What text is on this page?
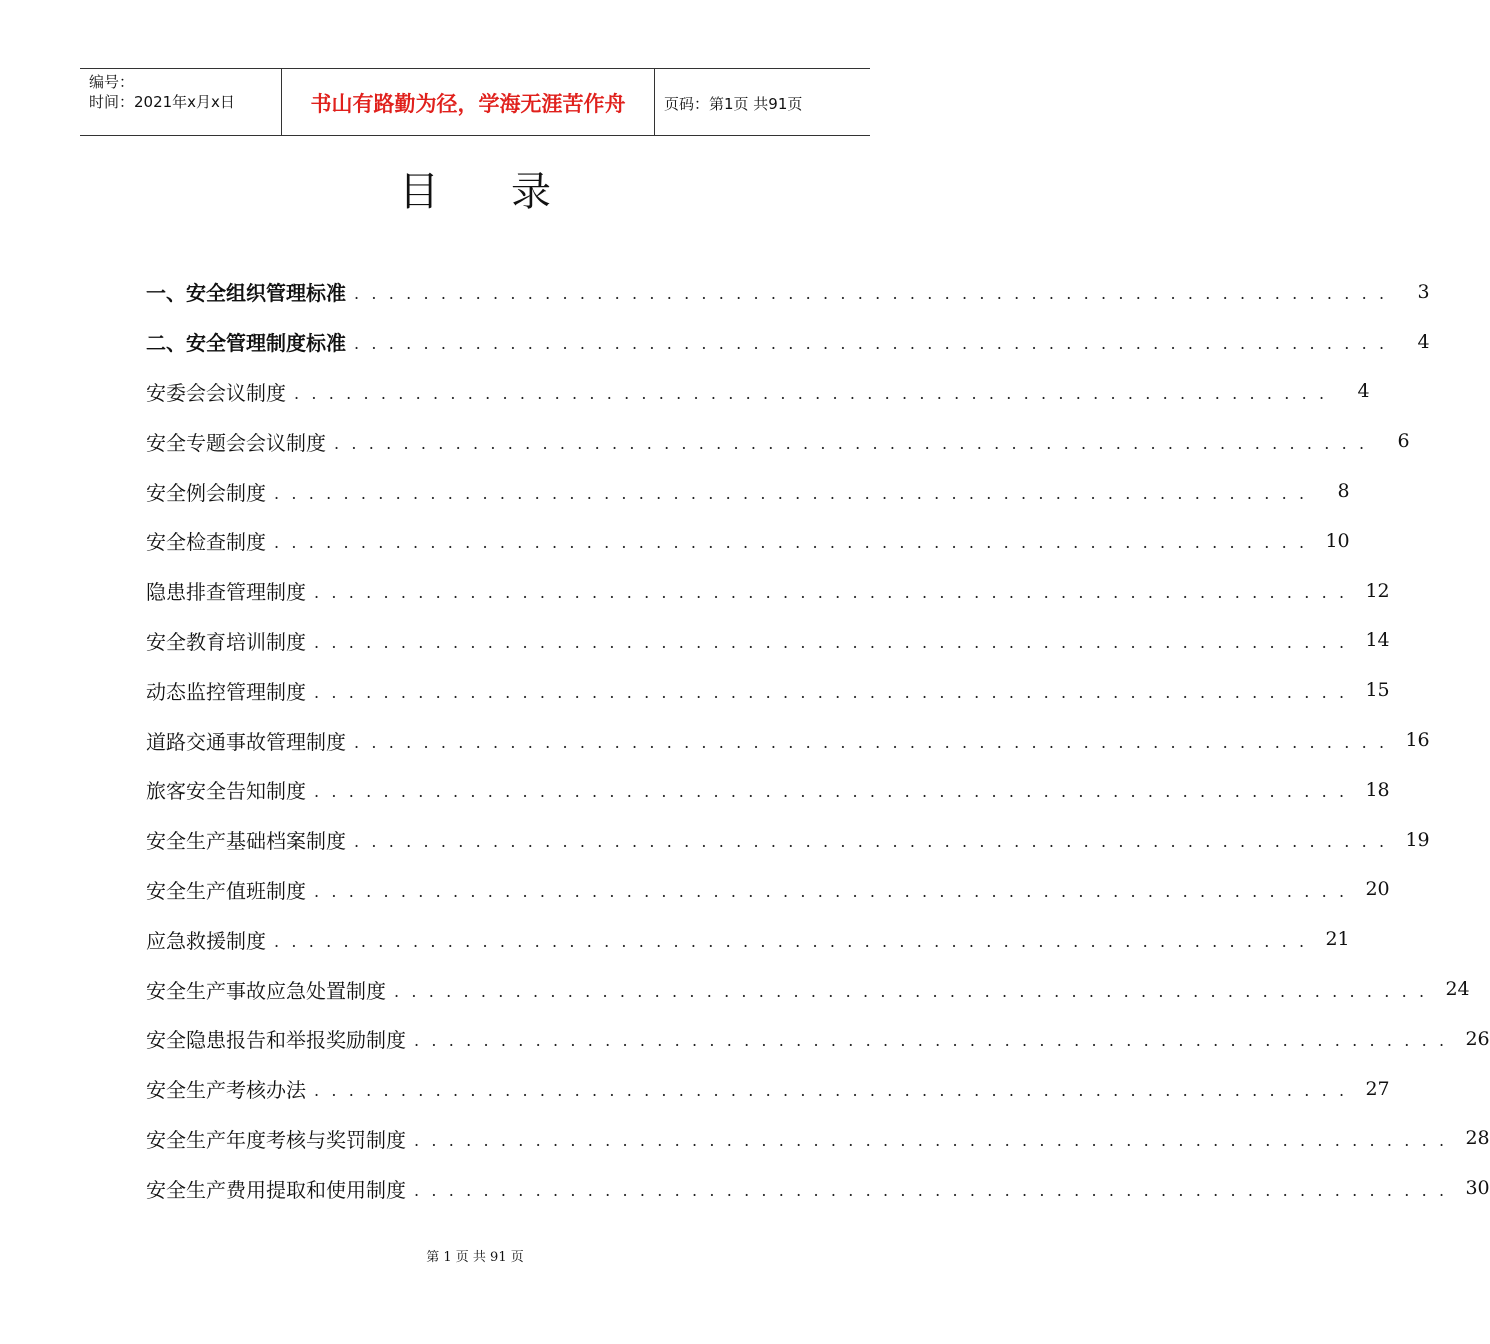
编号：
时间：2021年x月x日	书山有路勤为径，学海无涯苦作舟	页码：第1页 共91页
目录
一、 安全组织管理标准 . . . . . . . . . . . . . . . . . . . . . . . . . . . . . . . . . . . . . . . . . . . . . . . . . . . . . . . . . . . .	3
二、 安全管理制度标准 . . . . . . . . . . . . . . . . . . . . . . . . . . . . . . . . . . . . . . . . . . . . . . . . . . . . . . . . . . . .	4
安委会会议制度 . . . . . . . . . . . . . . . . . . . . . . . . . . . . . . . . . . . . . . . . . . . . . . . . . . . . . . . . . . . .	4
安全专题会会议制度 . . . . . . . . . . . . . . . . . . . . . . . . . . . . . . . . . . . . . . . . . . . . . . . . . . . . . . . . . . . .	6
安全例会制度 . . . . . . . . . . . . . . . . . . . . . . . . . . . . . . . . . . . . . . . . . . . . . . . . . . . . . . . . . . . .	8
安全检查制度 . . . . . . . . . . . . . . . . . . . . . . . . . . . . . . . . . . . . . . . . . . . . . . . . . . . . . . . . . . . . 10
隐患排查管理制度 . . . . . . . . . . . . . . . . . . . . . . . . . . . . . . . . . . . . . . . . . . . . . . . . . . . . . . . . . . . . 12
安全教育培训制度 . . . . . . . . . . . . . . . . . . . . . . . . . . . . . . . . . . . . . . . . . . . . . . . . . . . . . . . . . . . . 14
动态监控管理制度 . . . . . . . . . . . . . . . . . . . . . . . . . . . . . . . . . . . . . . . . . . . . . . . . . . . . . . . . . . . . 15
道路交通事故管理制度 . . . . . . . . . . . . . . . . . . . . . . . . . . . . . . . . . . . . . . . . . . . . . . . . . . . . . . . . . . . . 16
旅客安全告知制度 . . . . . . . . . . . . . . . . . . . . . . . . . . . . . . . . . . . . . . . . . . . . . . . . . . . . . . . . . . . . 18
安全生产基础档案制度 . . . . . . . . . . . . . . . . . . . . . . . . . . . . . . . . . . . . . . . . . . . . . . . . . . . . . . . . . . . . 19
安全生产值班制度 . . . . . . . . . . . . . . . . . . . . . . . . . . . . . . . . . . . . . . . . . . . . . . . . . . . . . . . . . . . . 20
应急救援制度 . . . . . . . . . . . . . . . . . . . . . . . . . . . . . . . . . . . . . . . . . . . . . . . . . . . . . . . . . . . . 21
安全生产事故应急处置制度 . . . . . . . . . . . . . . . . . . . . . . . . . . . . . . . . . . . . . . . . . . . . . . . . . . . . . . . . . . . . 24
安全隐患报告和举报奖励制度 . . . . . . . . . . . . . . . . . . . . . . . . . . . . . . . . . . . . . . . . . . . . . . . . . . . . . . . . . . . . 26
安全生产考核办法 . . . . . . . . . . . . . . . . . . . . . . . . . . . . . . . . . . . . . . . . . . . . . . . . . . . . . . . . . . . . 27
安全生产年度考核与奖罚制度 . . . . . . . . . . . . . . . . . . . . . . . . . . . . . . . . . . . . . . . . . . . . . . . . . . . . . . . . . . . . 28
安全生产费用提取和使用制度 . . . . . . . . . . . . . . . . . . . . . . . . . . . . . . . . . . . . . . . . . . . . . . . . . . . . . . . . . . . . 30
第 1 页 共 91 页
